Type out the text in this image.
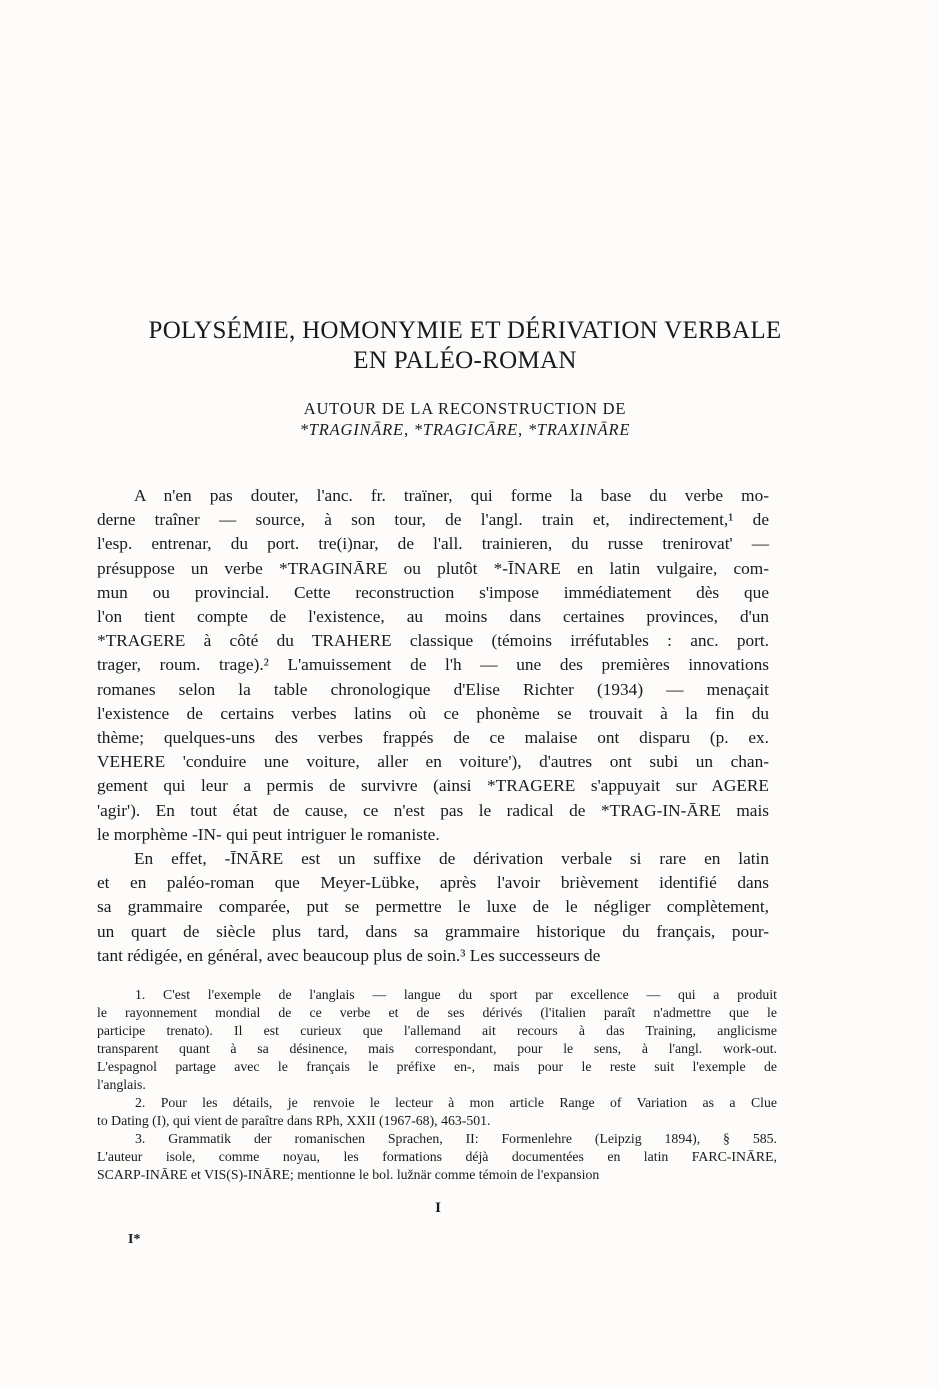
POLYSÉMIE, HOMONYMIE ET DÉRIVATION VERBALE
EN PALÉO-ROMAN
AUTOUR DE LA RECONSTRUCTION DE
*TRAGINĀRE, *TRAGICĀRE, *TRAXINĀRE
A n'en pas douter, l'anc. fr. traïner, qui forme la base du verbe mo-
derne traîner — source, à son tour, de l'angl. train et, indirectement,¹ de
l'esp. entrenar, du port. tre(i)nar, de l'all. trainieren, du russe trenirovat' —
présuppose un verbe *TRAGINĀRE ou plutôt *-ĪNARE en latin vulgaire, com-
mun ou provincial. Cette reconstruction s'impose immédiatement dès que
l'on tient compte de l'existence, au moins dans certaines provinces, d'un
*TRAGERE à côté du TRAHERE classique (témoins irréfutables : anc. port.
trager, roum. trage).² L'amuissement de l'h — une des premières innovations
romanes selon la table chronologique d'Elise Richter (1934) — menaçait
l'existence de certains verbes latins où ce phonème se trouvait à la fin du
thème; quelques-uns des verbes frappés de ce malaise ont disparu (p. ex.
VEHERE 'conduire une voiture, aller en voiture'), d'autres ont subi un chan-
gement qui leur a permis de survivre (ainsi *TRAGERE s'appuyait sur AGERE
'agir'). En tout état de cause, ce n'est pas le radical de *TRAG-IN-ĀRE mais
le morphème -IN- qui peut intriguer le romaniste.
En effet, -ĪNĀRE est un suffixe de dérivation verbale si rare en latin
et en paléo-roman que Meyer-Lübke, après l'avoir brièvement identifié dans
sa grammaire comparée, put se permettre le luxe de le négliger complètement,
un quart de siècle plus tard, dans sa grammaire historique du français, pour-
tant rédigée, en général, avec beaucoup plus de soin.³ Les successeurs de
1. C'est l'exemple de l'anglais — langue du sport par excellence — qui a produit
le rayonnement mondial de ce verbe et de ses dérivés (l'italien paraît n'admettre que le
participe trenato). Il est curieux que l'allemand ait recours à das Training, anglicisme
transparent quant à sa désinence, mais correspondant, pour le sens, à l'angl. work-out.
L'espagnol partage avec le français le préfixe en-, mais pour le reste suit l'exemple de
l'anglais.
2. Pour les détails, je renvoie le lecteur à mon article Range of Variation as a Clue
to Dating (I), qui vient de paraître dans RPh, XXII (1967-68), 463-501.
3. Grammatik der romanischen Sprachen, II: Formenlehre (Leipzig 1894), § 585.
L'auteur isole, comme noyau, les formations déjà documentées en latin FARC-INĀRE,
SCARP-INĀRE et VIS(S)-INĀRE; mentionne le bol. lužnär comme témoin de l'expansion
I
I*
